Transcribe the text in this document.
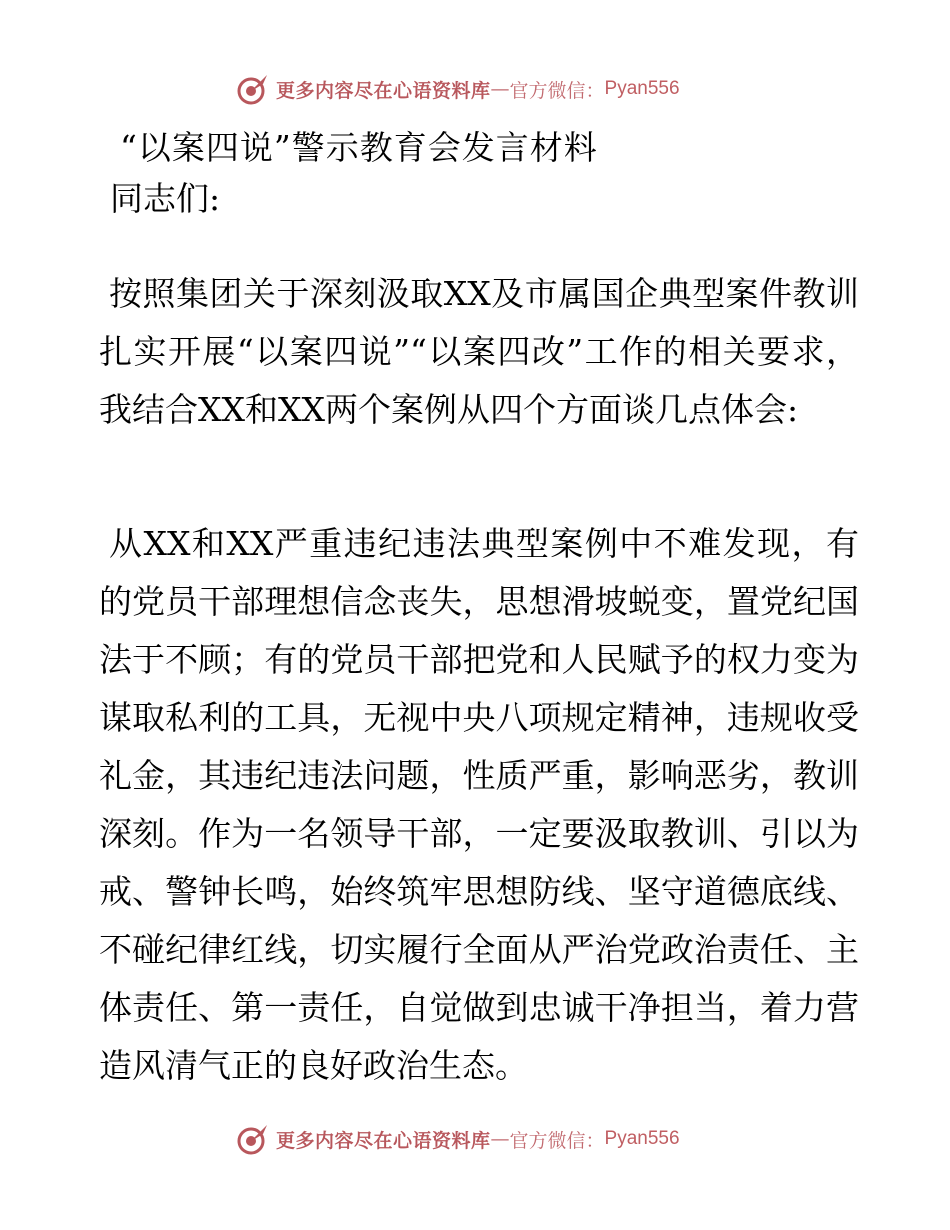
更多内容尽在心语资料库 — 官方微信： Pyan556
“以案四说”警示教育会发言材料
同志们:

按照集团关于深刻汲取XX及市属国企典型案件教训扎实开展“以案四说”“以案四改”工作的相关要求，我结合XX和XX两个案例从四个方面谈几点体会:

从XX和XX严重违纪违法典型案例中不难发现，有的党员干部理想信念丧失，思想滑坡蜕变，置党纪国法于不顾；有的党员干部把党和人民赋予的权力变为谋取私利的工具，无视中央八项规定精神，违规收受礼金，其违纪违法问题，性质严重，影响恶劣，教训深刻。作为一名领导干部，一定要汲取教训、引以为戒、警钟长鸣，始终筑牢思想防线、坚守道德底线、不碰纪律红线，切实履行全面从严治党政治责任、主体责任、第一责任，自觉做到忠诚干净担当，着力营造风清气正的良好政治生态。

更多内容尽在心语资料库 — 官方微信： Pyan556
